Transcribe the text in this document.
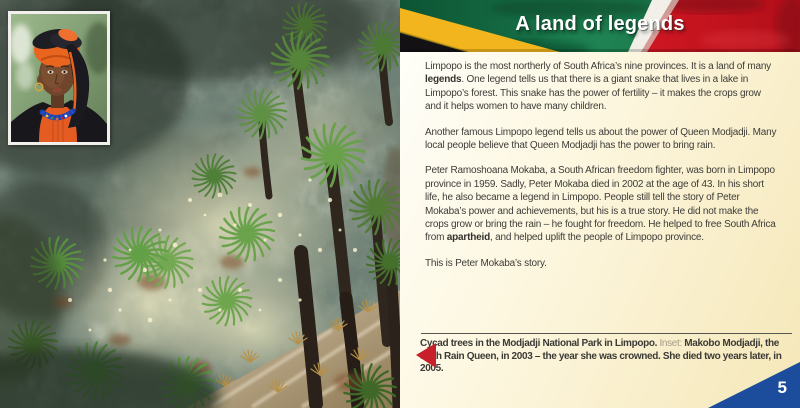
A land of legends

Limpopo is the most northerly of South Africa’s nine provinces. It is a land of many legends. One legend tells us that there is a giant snake that lives in a lake in Limpopo’s forest. This snake has the power of fertility – it makes the crops grow and it helps women to have many children.

Another famous Limpopo legend tells us about the power of Queen Modjadji. Many local people believe that Queen Modjadji has the power to bring rain.

Peter Ramoshoana Mokaba, a South African freedom fighter, was born in Limpopo province in 1959. Sadly, Peter Mokaba died in 2002 at the age of 43. In his short life, he also became a legend in Limpopo. People still tell the story of Peter Mokaba’s power and achievements, but his is a true story. He did not make the crops grow or bring the rain – he fought for freedom. He helped to free South Africa from apartheid, and helped uplift the people of Limpopo province.

This is Peter Mokaba’s story.

Cycad trees in the Modjadji National Park in Limpopo. Inset: Makobo Modjadji, the sixth Rain Queen, in 2003 – the year she was crowned. She died two years later, in 2005.
5
